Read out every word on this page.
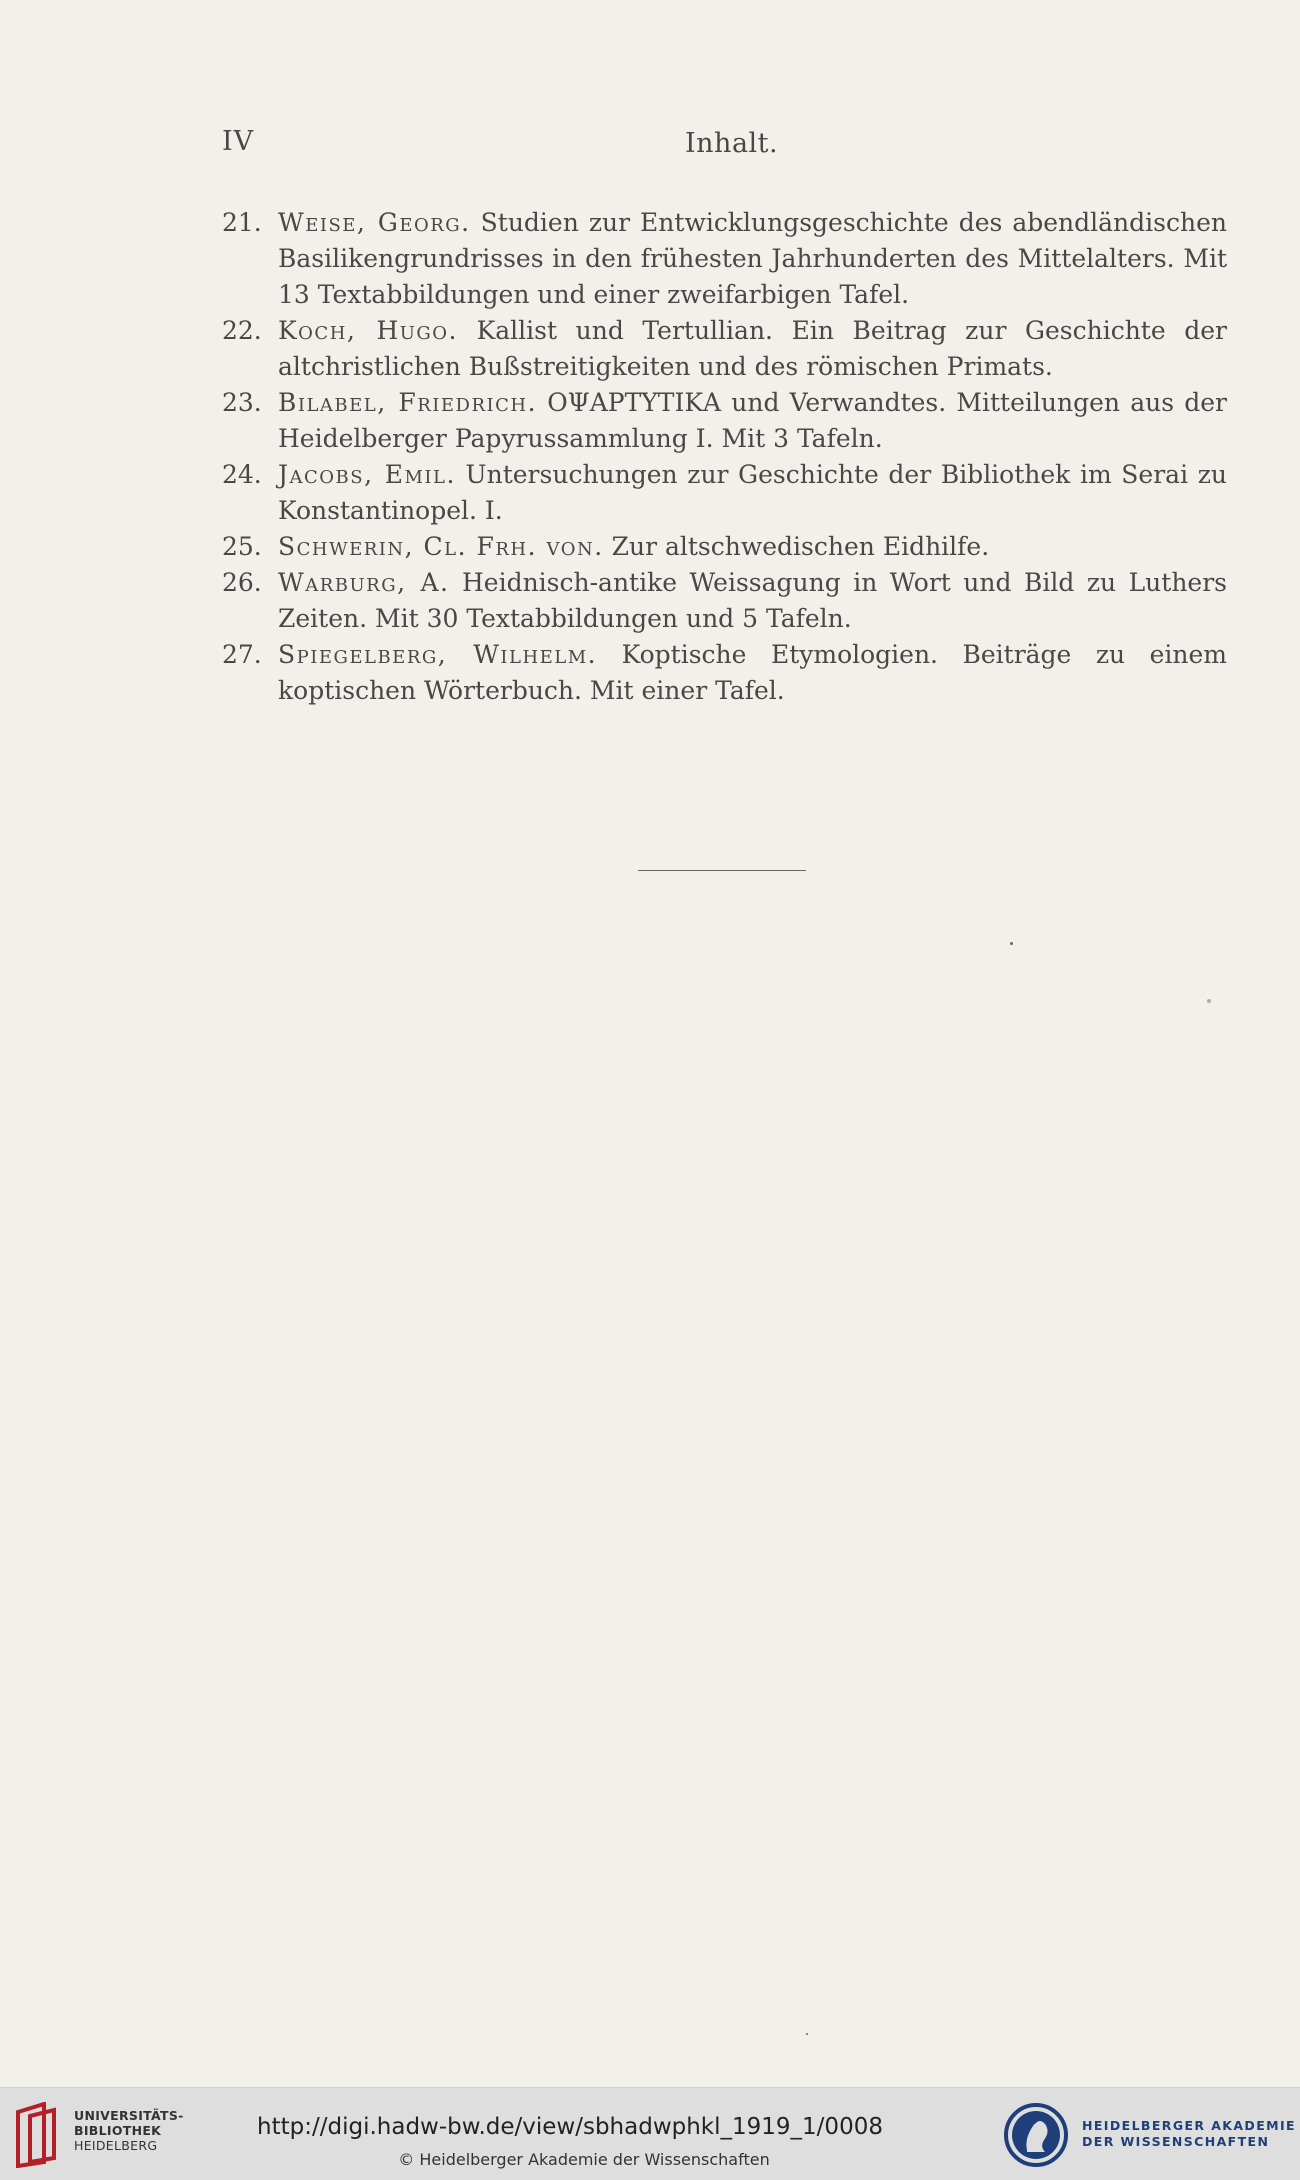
IV	Inhalt.
21. Weise, Georg. Studien zur Entwicklungsgeschichte des abendländischen Basilikengrundrisses in den frühesten Jahrhunderten des Mittelalters. Mit 13 Textabbildungen und einer zweifarbigen Tafel.
22. Koch, Hugo. Kallist und Tertullian. Ein Beitrag zur Geschichte der altchristlichen Bußstreitigkeiten und des römischen Primats.
23. Bilabel, Friedrich. ΟΨΑΡΤΥΤΙΚΑ und Verwandtes. Mitteilungen aus der Heidelberger Papyrussammlung I. Mit 3 Tafeln.
24. Jacobs, Emil. Untersuchungen zur Geschichte der Bibliothek im Serai zu Konstantinopel. I.
25. Schwerin, Cl. Frh. von. Zur altschwedischen Eidhilfe.
26. Warburg, A. Heidnisch-antike Weissagung in Wort und Bild zu Luthers Zeiten. Mit 30 Textabbildungen und 5 Tafeln.
27. Spiegelberg, Wilhelm. Koptische Etymologien. Beiträge zu einem koptischen Wörterbuch. Mit einer Tafel.
UNIVERSITÄTS-
BIBLIOTHEK
HEIDELBERG
http://digi.hadw-bw.de/view/sbhadwphkl_1919_1/0008
© Heidelberger Akademie der Wissenschaften
HEIDELBERGER AKADEMIE
DER WISSENSCHAFTEN
